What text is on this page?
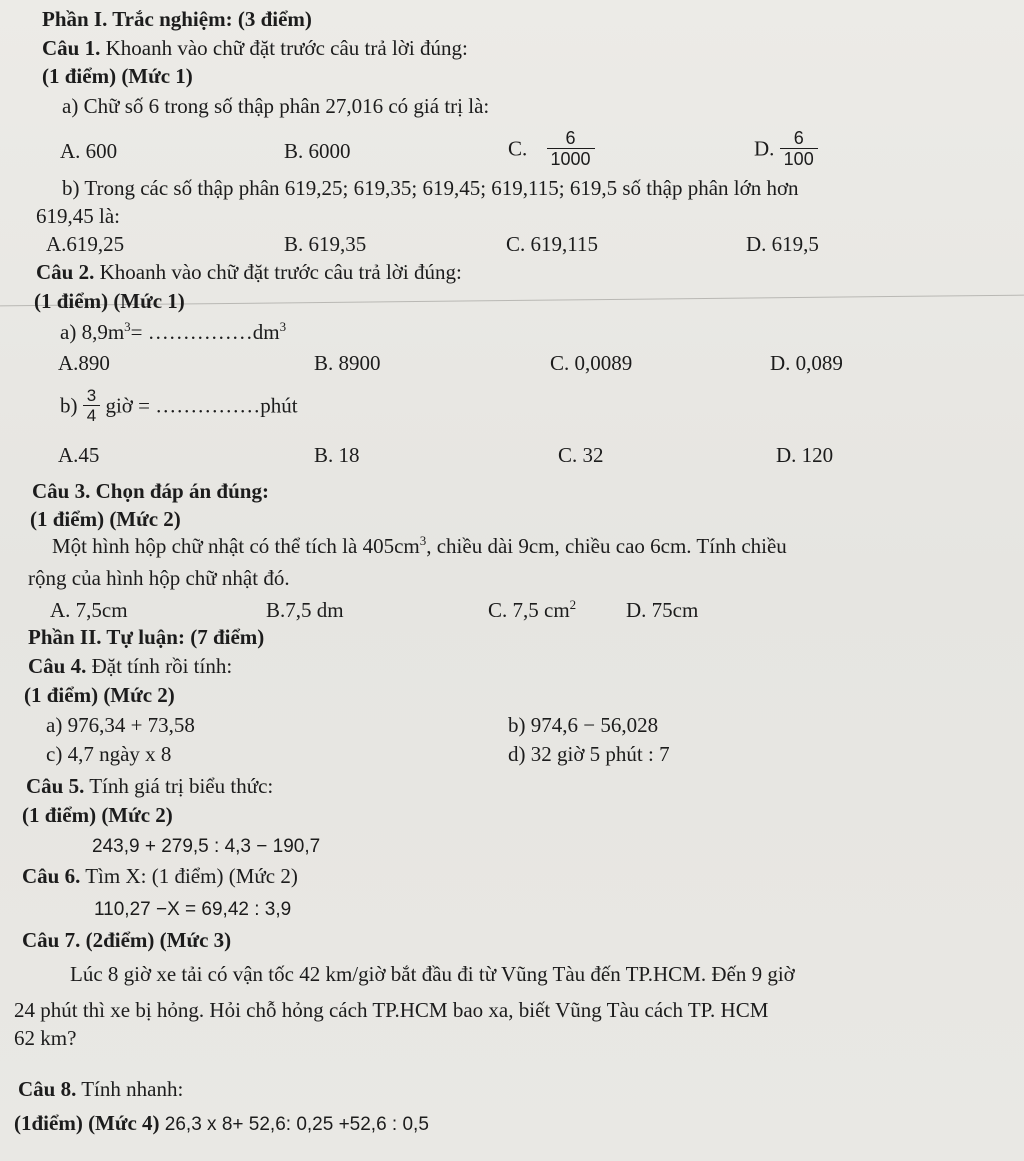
Phần I. Trắc nghiệm: (3 điểm)
Câu 1. Khoanh vào chữ đặt trước câu trả lời đúng:
(1 điểm) (Mức 1)
a) Chữ số 6 trong số thập phân 27,016 có giá trị là:
A. 600	B. 6000	C. $\frac{6}{1000}$	D. $\frac{6}{100}$
b) Trong các số thập phân 619,25; 619,35; 619,45; 619,115; 619,5 số thập phân lớn hơn
619,45 là:
A.619,25	B. 619,35	C. 619,115	D. 619,5
Câu 2. Khoanh vào chữ đặt trước câu trả lời đúng:
(1 điểm) (Mức 1)
a) $8,9m^3=$ $\dots\dots\dots\dots\dots dm^3$
A.890	B. 8900	C. 0,0089	D. 0,089
$b) \frac{3}{4}$ giờ = ……………phút
A.45	B. 18	C. 32	D. 120
Câu 3. Chọn đáp án đúng:
(1 điểm) (Mức 2)
Một hình hộp chữ nhật có thể tích là $405cm^3$, chiều dài 9cm, chiều cao 6cm. Tính chiều
rộng của hình hộp chữ nhật đó.
A. 7,5cm	B.7,5 dm	C. 7,5 $cm^2$ D. 75cm
Phần II. Tự luận: (7 điểm)
Câu 4. Đặt tính rồi tính:
(1 điểm) (Mức 2)
a) 976,34 + 73,58	b) 974,6 − 56,028
c) 4,7 ngày x 8	d) 32 giờ 5 phút : 7
Câu 5. Tính giá trị biểu thức:
(1 điểm) (Mức 2)
243,9 + 279,5 : 4,3 − 190,7
Câu 6. Tìm X: (1 điểm) (Mức 2)
110,27 −X = 69,42 : 3,9
Câu 7. (2điểm) (Mức 3)
Lúc 8 giờ xe tải có vận tốc 42 km/giờ bắt đầu đi từ Vũng Tàu đến TP.HCM. Đến 9 giờ
24 phút thì xe bị hỏng. Hỏi chỗ hỏng cách TP.HCM bao xa, biết Vũng Tàu cách TP. HCM
62 km?
Câu 8. Tính nhanh:
(1điểm) (Mức 4) 26,3 x 8+ 52,6: 0,25 +52,6 : 0,5
